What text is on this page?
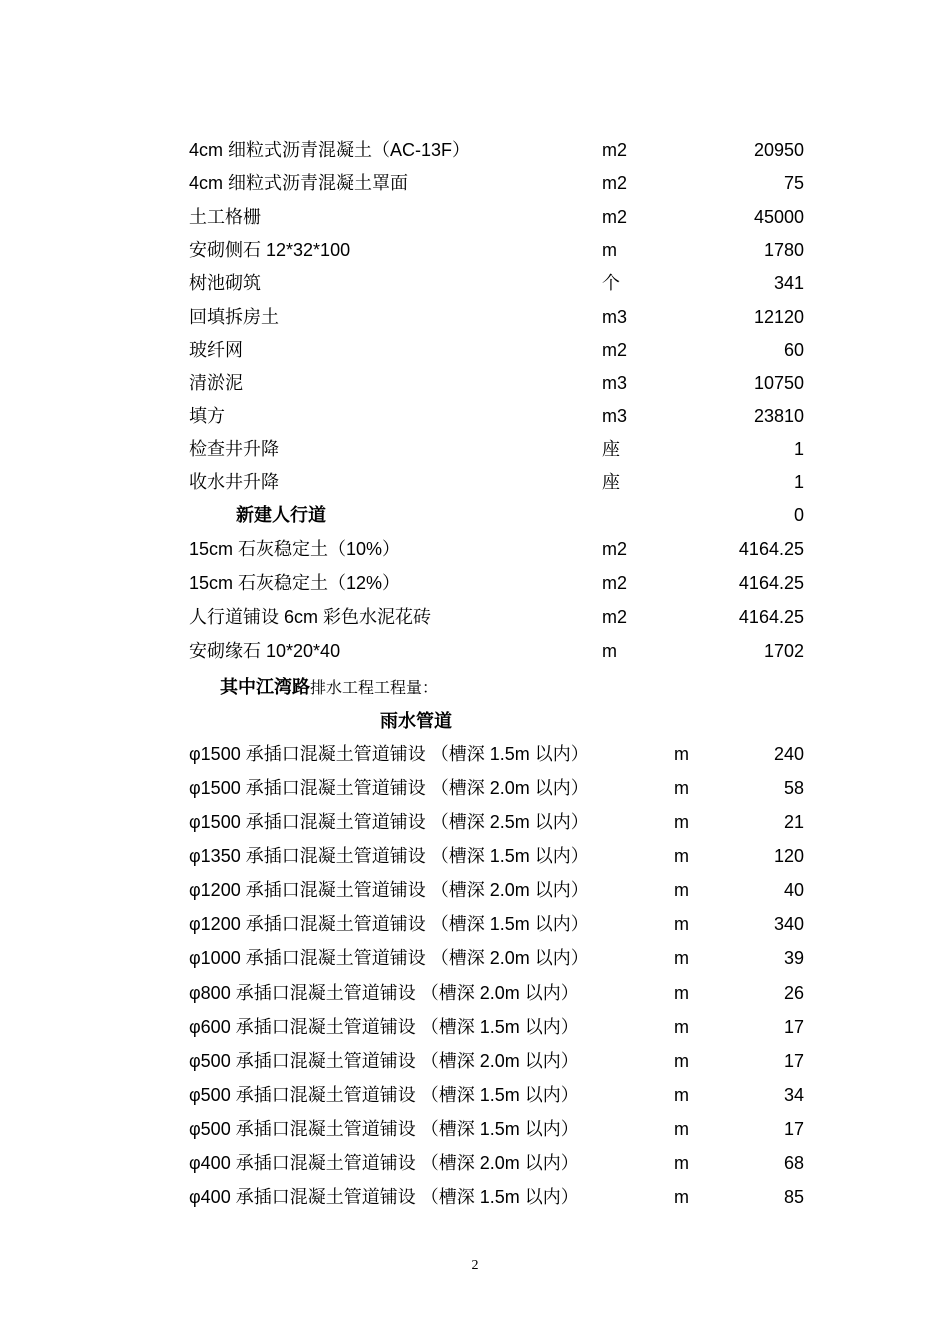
4cm 细粒式沥青混凝土（AC-13F）	m2	20950
4cm 细粒式沥青混凝土罩面	m2	75
土工格栅	m2	45000
安砌侧石 12*32*100	m	1780
树池砌筑	个	341
回填拆房土	m3	12120
玻纤网	m2	60
清淤泥	m3	10750
填方	m3	23810
检查井升降	座	1
收水井升降	座	1
新建人行道	0
15cm 石灰稳定土（10%）	m2	4164.25
15cm 石灰稳定土（12%）	m2	4164.25
人行道铺设 6cm 彩色水泥花砖	m2	4164.25
安砌缘石 10*20*40	m	1702
其中江湾路排水工程工程量：
雨水管道
φ1500 承插口混凝土管道铺设 （槽深 1.5m 以内）	m	240
φ1500 承插口混凝土管道铺设 （槽深 2.0m 以内）	m	58
φ1500 承插口混凝土管道铺设 （槽深 2.5m 以内）	m	21
φ1350 承插口混凝土管道铺设 （槽深 1.5m 以内）	m	120
φ1200 承插口混凝土管道铺设 （槽深 2.0m 以内）	m	40
φ1200 承插口混凝土管道铺设 （槽深 1.5m 以内）	m	340
φ1000 承插口混凝土管道铺设 （槽深 2.0m 以内）	m	39
φ800 承插口混凝土管道铺设 （槽深 2.0m 以内）	m	26
φ600 承插口混凝土管道铺设 （槽深 1.5m 以内）	m	17
φ500 承插口混凝土管道铺设 （槽深 2.0m 以内）	m	17
φ500 承插口混凝土管道铺设 （槽深 1.5m 以内）	m	34
φ500 承插口混凝土管道铺设 （槽深 1.5m 以内）	m	17
φ400 承插口混凝土管道铺设 （槽深 2.0m 以内）	m	68
φ400 承插口混凝土管道铺设 （槽深 1.5m 以内）	m	85
2
